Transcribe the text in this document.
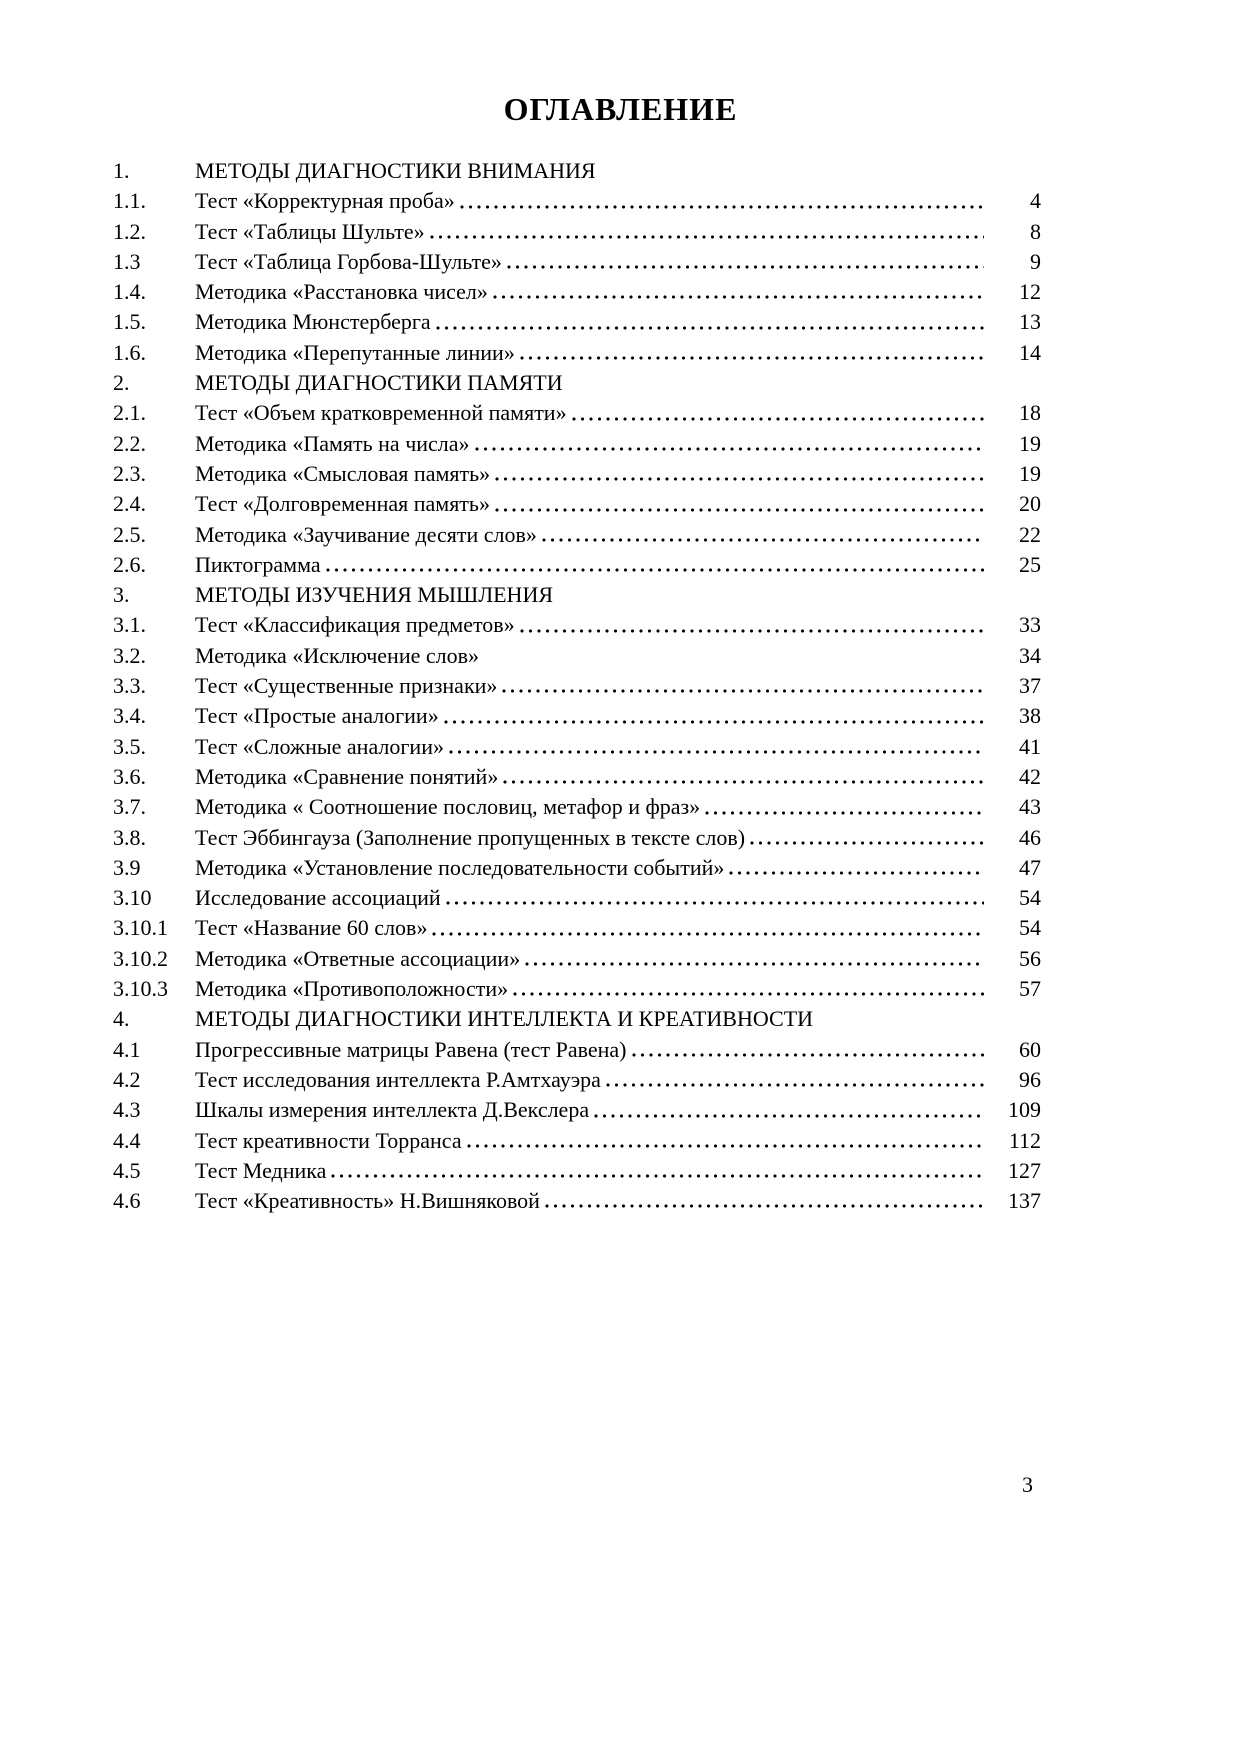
ОГЛАВЛЕНИЕ
1.	МЕТОДЫ ДИАГНОСТИКИ ВНИМАНИЯ
1.1.	Тест «Корректурная проба»	4
1.2.	Тест «Таблицы Шульте»	8
1.3	Тест «Таблица Горбова-Шульте»	9
1.4.	Методика «Расстановка чисел»	12
1.5.	Методика Мюнстерберга	13
1.6.	Методика «Перепутанные линии»	14
2.	МЕТОДЫ ДИАГНОСТИКИ ПАМЯТИ
2.1.	Тест «Объем кратковременной памяти»	18
2.2.	Методика «Память на числа»	19
2.3.	Методика «Смысловая память»	19
2.4.	Тест «Долговременная память»	20
2.5.	Методика «Заучивание десяти слов»	22
2.6.	Пиктограмма	25
3.	МЕТОДЫ ИЗУЧЕНИЯ МЫШЛЕНИЯ
3.1.	Тест «Классификация предметов»	33
3.2.	Методика «Исключение слов»	34
3.3.	Тест «Существенные признаки»	37
3.4.	Тест «Простые аналогии»	38
3.5.	Тест «Сложные аналогии»	41
3.6.	Методика «Сравнение понятий»	42
3.7.	Методика « Соотношение пословиц, метафор и фраз»	43
3.8.	Тест Эббингауза (Заполнение пропущенных в тексте слов)	46
3.9	Методика «Установление последовательности событий»	47
3.10	Исследование ассоциаций	54
3.10.1	Тест «Название 60 слов»	54
3.10.2	Методика «Ответные ассоциации»	56
3.10.3	Методика «Противоположности»	57
4.	МЕТОДЫ ДИАГНОСТИКИ ИНТЕЛЛЕКТА И КРЕАТИВНОСТИ
4.1	Прогрессивные матрицы Равена (тест Равена)	60
4.2	Тест исследования интеллекта Р.Амтхауэра	96
4.3	Шкалы измерения интеллекта Д.Векслера	109
4.4	Тест креативности Торранса	112
4.5	Тест Медника	127
4.6	Тест «Креативность» Н.Вишняковой	137
3
